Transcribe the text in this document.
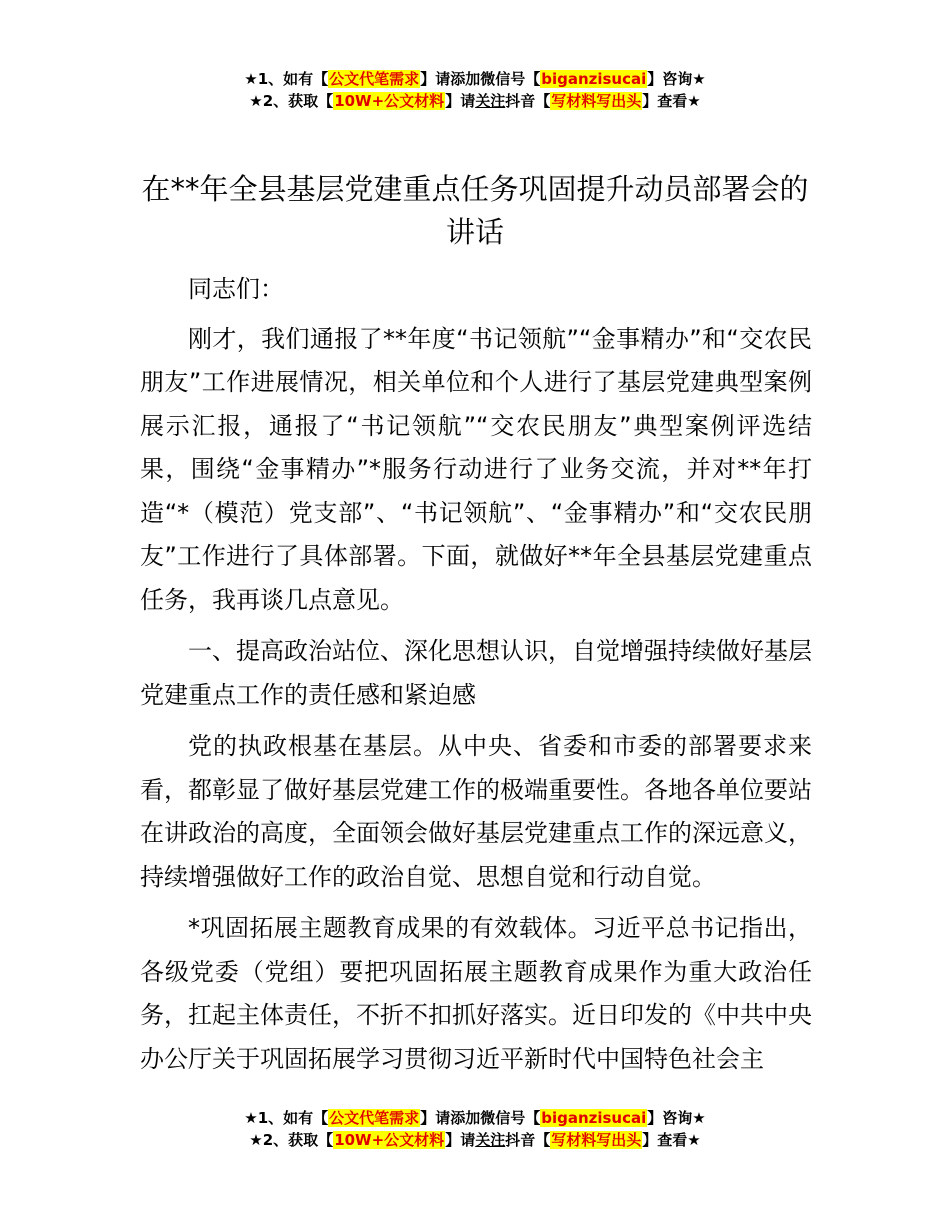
★1、如有【公文代笔需求】请添加微信号【biganzisucai】咨询★
★2、获取【10W+公文材料】请关注抖音【写材料写出头】查看★
在**年全县基层党建重点任务巩固提升动员部署会的讲话

同志们：

刚才，我们通报了**年度“书记领航”“金事精办”和“交农民朋友”工作进展情况，相关单位和个人进行了基层党建典型案例展示汇报，通报了“书记领航”“交农民朋友”典型案例评选结果，围绕“金事精办”*服务行动进行了业务交流，并对**年打造“*（模范）党支部”、“书记领航”、“金事精办”和“交农民朋友”工作进行了具体部署。下面，就做好**年全县基层党建重点任务，我再谈几点意见。

一、提高政治站位、深化思想认识，自觉增强持续做好基层党建重点工作的责任感和紧迫感

党的执政根基在基层。从中央、省委和市委的部署要求来看，都彰显了做好基层党建工作的极端重要性。各地各单位要站在讲政治的高度，全面领会做好基层党建重点工作的深远意义，持续增强做好工作的政治自觉、思想自觉和行动自觉。

*巩固拓展主题教育成果的有效载体。习近平总书记指出，各级党委（党组）要把巩固拓展主题教育成果作为重大政治任务，扛起主体责任，不折不扣抓好落实。近日印发的《中共中央办公厅关于巩固拓展学习贯彻习近平新时代中国特色社会主

★1、如有【公文代笔需求】请添加微信号【biganzisucai】咨询★
★2、获取【10W+公文材料】请关注抖音【写材料写出头】查看★
